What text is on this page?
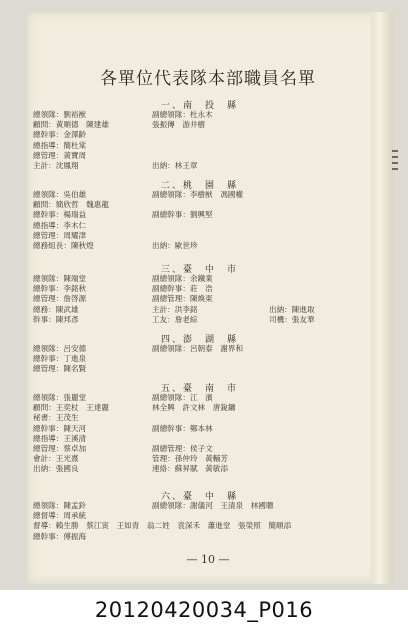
各單位代表隊本部職員名單
— 10 —
一、南　投　縣
總領隊：劉裕猷
顧問：黃順德　陳建雄
總幹事：金澤齡
總指導：簡杜棠
總管理：黃寶周
主計：沈鳳翔
副總領隊：杜永木
張振傳　游井樹
出納：林王章
二、桃　園　縣
總領隊：吳伯雄
顧問：簡欣哲　魏惠龍
總幹事：楊瑞益
總指導：李木仁
總管理：周耀津
總務組長：陳秋煌
副總領隊：李樹猷　馮國權
副總幹事：劉興堅
出納：歐世珍
三、臺　中　市
總領隊：陳端堂
總幹事：李銘秋
總管理：詹啓源
總務：陳武雄
幹事：陳邦彥
副總領隊：余鐵業
副總幹事：莊　浩
副總管理：陳煥東
主計：洪李銘
工友：詹老綜
出納：陳進取
司機：張友華
四、澎　湖　縣
總領隊：呂安德
總幹事：丁進泉
總管理：陳名賢
副總領隊：呂朝泰　謝界和
五、臺　南　市
總領隊：張麗堂
顧問：王奕杖　王達麗
秘書：王茂生
總幹事：陳天河
總指導：王溪清
總管理：蔡卓加
會計：王光熹
出納：張國良
副總領隊：江　濱
林全興　許文林　唐銳鏞
副總幹事：鄭本林
副總管理：侯子文
管理：孫仲玲　黃輔芳
連絡：蘇昇賦　黃敏添
六、臺　中　縣
總領隊：陳孟鈴
總督導：周承統
督導：賴生勝　蔡江寅　王如青　翁二姓　袁深禾　蕭進堂　張榮照　簡順添
總幹事：傅振海
副總領隊：謝儀河　王清泉　林國聰
20120420034_P016
